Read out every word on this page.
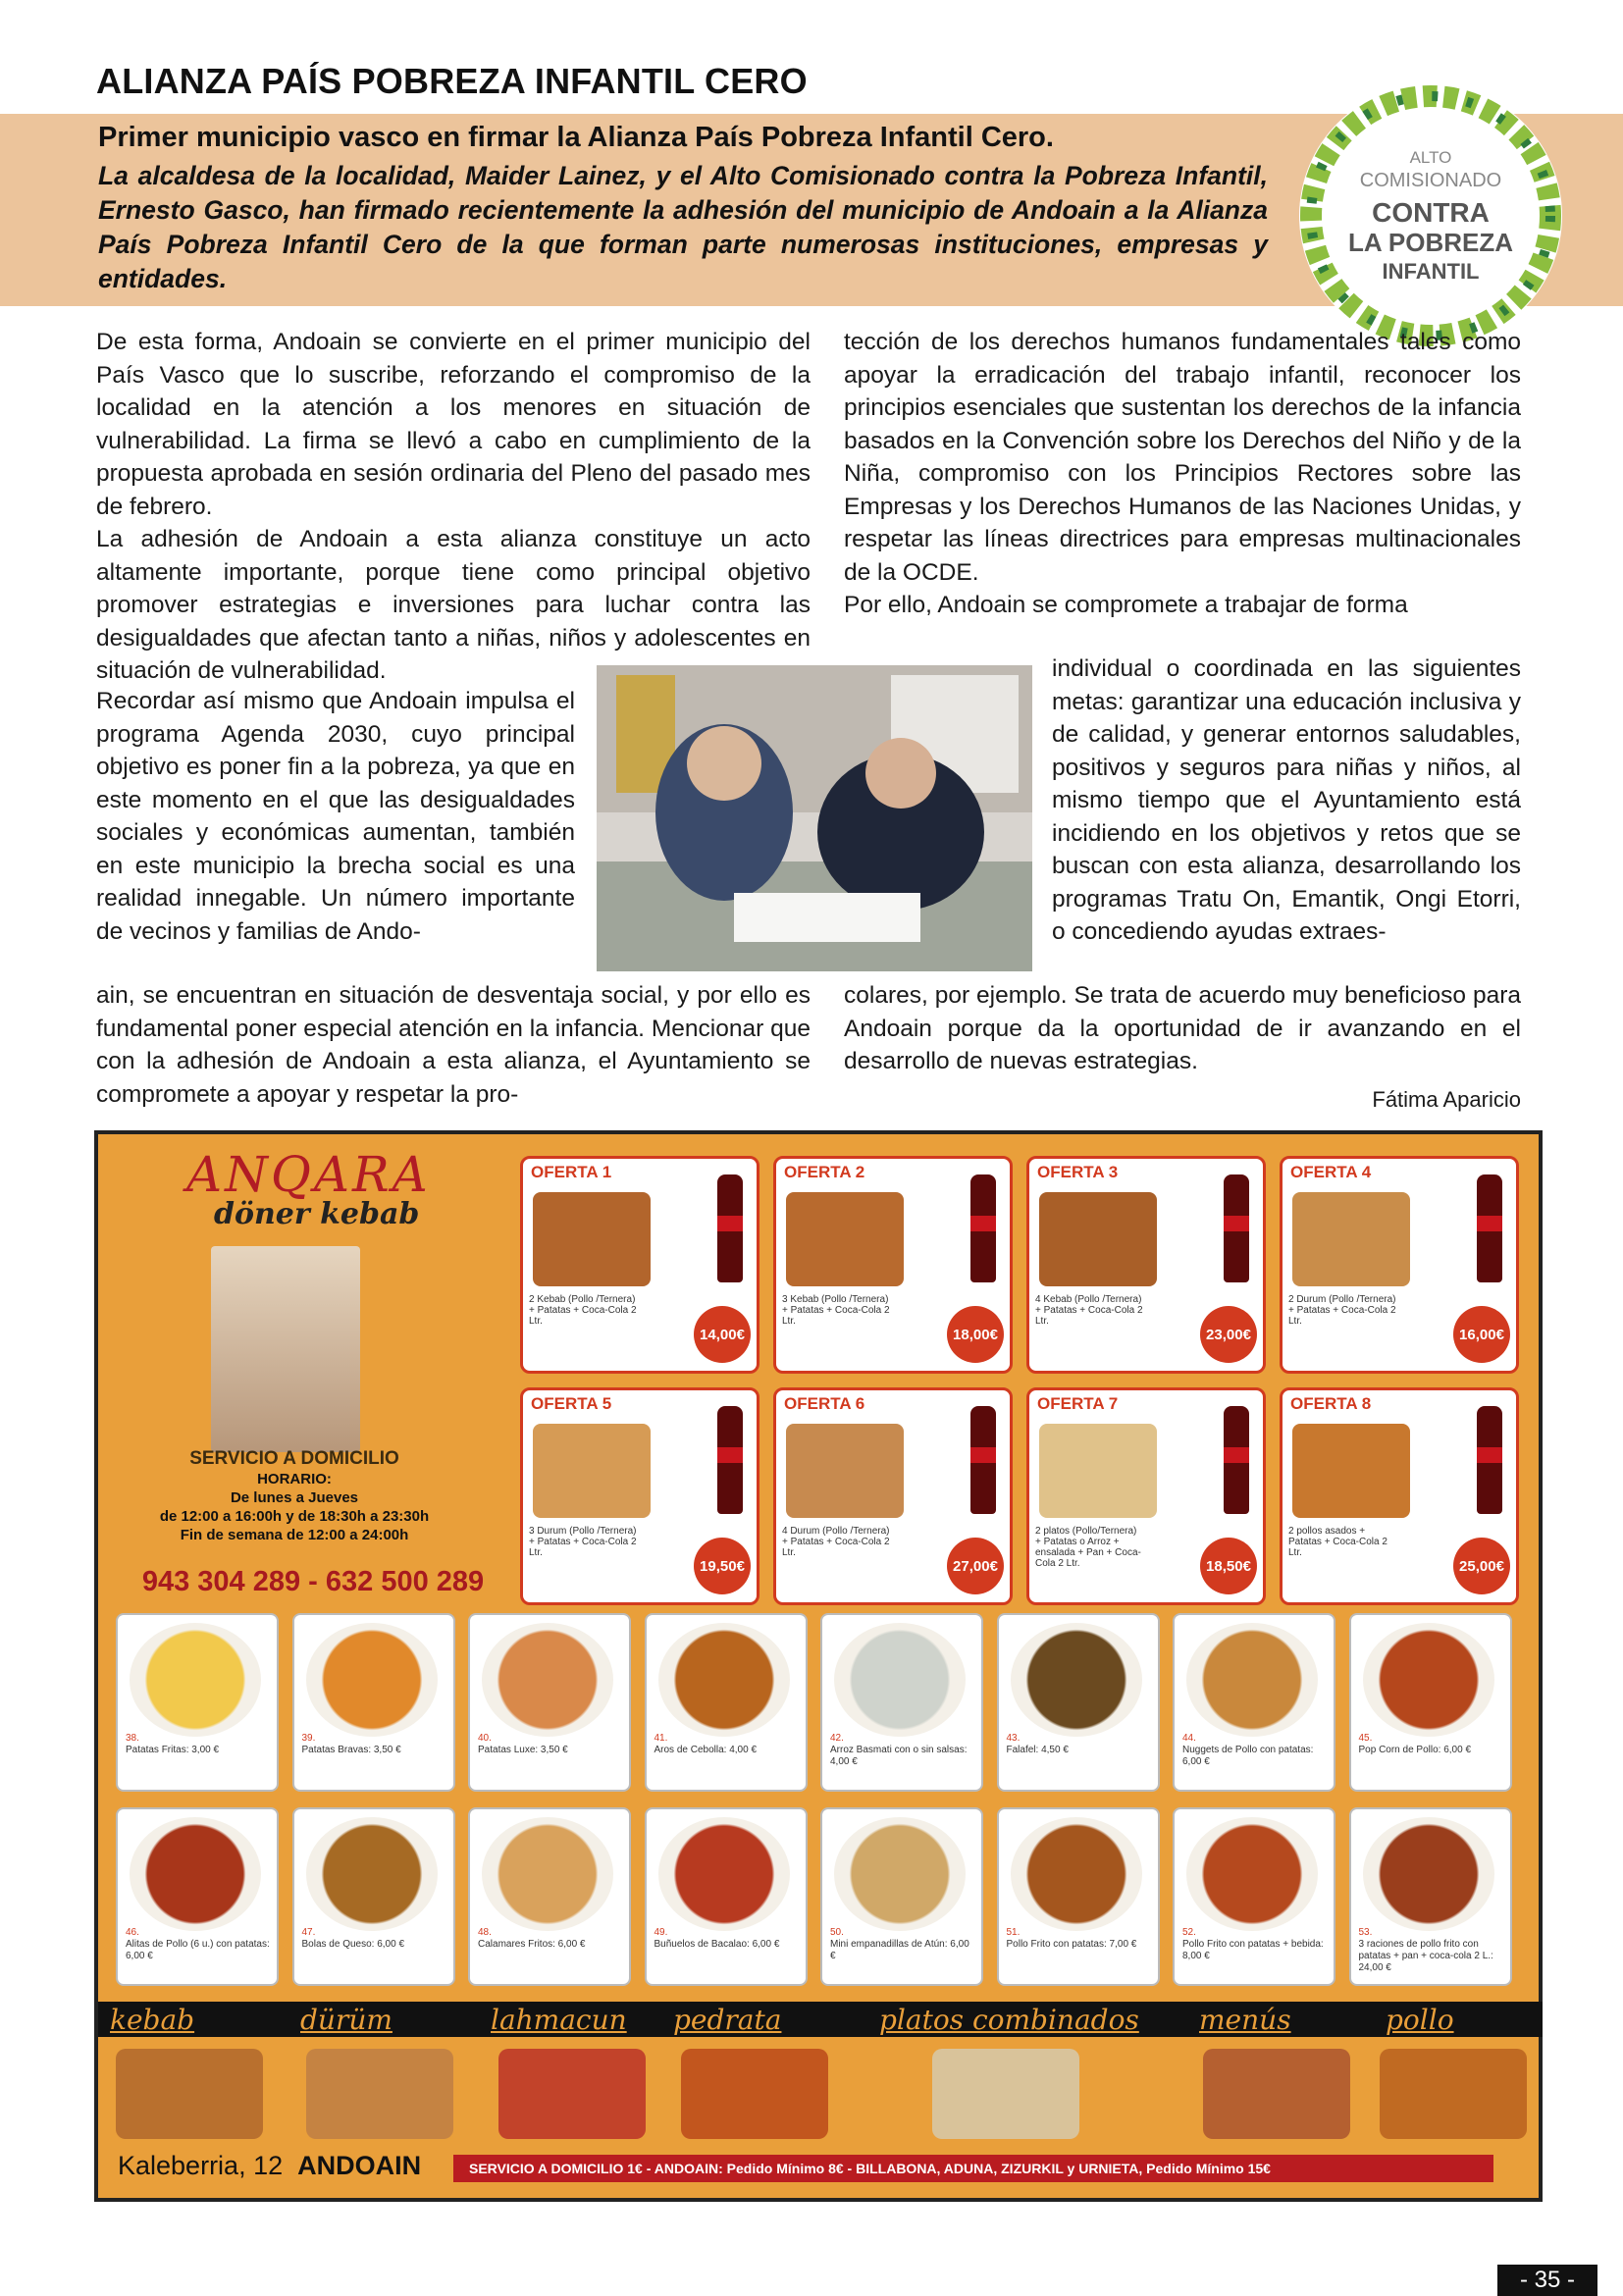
ALIANZA PAÍS POBREZA INFANTIL CERO
Primer municipio vasco en firmar la Alianza País Pobreza Infantil Cero.
La alcaldesa de la localidad, Maider Lainez, y el Alto Comisionado contra la Pobreza Infantil, Ernesto Gasco, han firmado recientemente la adhesión del municipio de Andoain a la Alianza País Pobreza Infantil Cero de la que forman parte numerosas instituciones, empresas y entidades.
ALTO
COMISIONADO
CONTRA
LA POBREZA
INFANTIL

De esta forma, Andoain se convierte en el primer municipio del País Vasco que lo suscribe, reforzando el compromiso de la localidad en la atención a los menores en situación de vulnerabilidad. La firma se llevó a cabo en cumplimiento de la propuesta aprobada en sesión ordinaria del Pleno del pasado mes de febrero.

La adhesión de Andoain a esta alianza constituye un acto altamente importante, porque tiene como principal objetivo promover estrategias e inversiones para luchar contra las desigualdades que afectan tanto a niñas, niños y adolescentes en situación de vulnerabilidad.

Recordar así mismo que Andoain impulsa el programa Agenda 2030, cuyo principal objetivo es poner fin a la pobreza, ya que en este momento en el que las desigualdades sociales y económicas aumentan, también en este municipio la brecha social es una realidad innegable. Un número importante de vecinos y familias de Ando-

ain, se encuentran en situación de desventaja social, y por ello es fundamental poner especial atención en la infancia. Mencionar que con la adhesión de Andoain a esta alianza, el Ayuntamiento se compromete a apoyar y respetar la pro-

tección de los derechos humanos fundamentales tales como apoyar la erradicación del trabajo infantil, reconocer los principios esenciales que sustentan los derechos de la infancia basados en la Convención sobre los Derechos del Niño y de la Niña, compromiso con los Principios Rectores sobre las Empresas y los Derechos Humanos de las Naciones Unidas, y respetar las líneas directrices para empresas multinacionales de la OCDE.

Por ello, Andoain se compromete a trabajar de forma

individual o coordinada en las siguientes metas: garantizar una educación inclusiva y de calidad, y generar entornos saludables, positivos y seguros para niñas y niños, al mismo tiempo que el Ayuntamiento está incidiendo en los objetivos y retos que se buscan con esta alianza, desarrollando los programas Tratu On, Emantik, Ongi Etorri, o concediendo ayudas extraes-

colares, por ejemplo. Se trata de acuerdo muy beneficioso para Andoain porque da la oportunidad de ir avanzando en el desarrollo de nuevas estrategias.

Fátima Aparicio
ANQARA
döner kebab
SERVICIO A DOMICILIO
HORARIO:
De lunes a Jueves
de 12:00 a 16:00h y de 18:30h a 23:30h
Fin de semana de 12:00 a 24:00h
943 304 289 - 632 500 289
OFERTA 1
2 Kebab (Pollo /Ternera) + Patatas + Coca-Cola 2 Ltr.
14,00€
OFERTA 2
3 Kebab (Pollo /Ternera) + Patatas + Coca-Cola 2 Ltr.
18,00€
OFERTA 3
4 Kebab (Pollo /Ternera) + Patatas + Coca-Cola 2 Ltr.
23,00€
OFERTA 4
2 Durum (Pollo /Ternera) + Patatas + Coca-Cola 2 Ltr.
16,00€
OFERTA 5
3 Durum (Pollo /Ternera) + Patatas + Coca-Cola 2 Ltr.
19,50€
OFERTA 6
4 Durum (Pollo /Ternera) + Patatas + Coca-Cola 2 Ltr.
27,00€
OFERTA 7
2 platos (Pollo/Ternera) + Patatas o Arroz + ensalada + Pan + Coca-Cola 2 Ltr.	18,50€
OFERTA 8
2 pollos asados + Patatas + Coca-Cola 2 Ltr.
25,00€
38.
Patatas Fritas: 3,00 €
39.
Patatas Bravas: 3,50 €
40.
Patatas Luxe: 3,50 €
41.
Aros de Cebolla: 4,00 €
42.
Arroz Basmati con o sin salsas: 4,00 €
43.
Falafel: 4,50 €
44.
Nuggets de Pollo con patatas: 6,00 €
45.
Pop Corn de Pollo: 6,00 €
46.
Alitas de Pollo (6 u.) con patatas: 6,00 €
47.
Bolas de Queso: 6,00 €
48.
Calamares Fritos: 6,00 €
49.
Buñuelos de Bacalao: 6,00 €
50.
Mini empanadillas de Atún: 6,00 €
51.
Pollo Frito con patatas: 7,00 €
52.
Pollo Frito con patatas + bebida: 8,00 €
53.
3 raciones de pollo frito con patatas + pan + coca-cola 2 L.: 24,00 €
kebab	dürüm	lahmacun pedrata	platos combinados menús	pollo
Kaleberria, 12 ANDOAIN	SERVICIO A DOMICILIO 1€ - ANDOAIN: Pedido Mínimo 8€ - BILLABONA, ADUNA, ZIZURKIL y URNIETA, Pedido Mínimo 15€
- 35 -
